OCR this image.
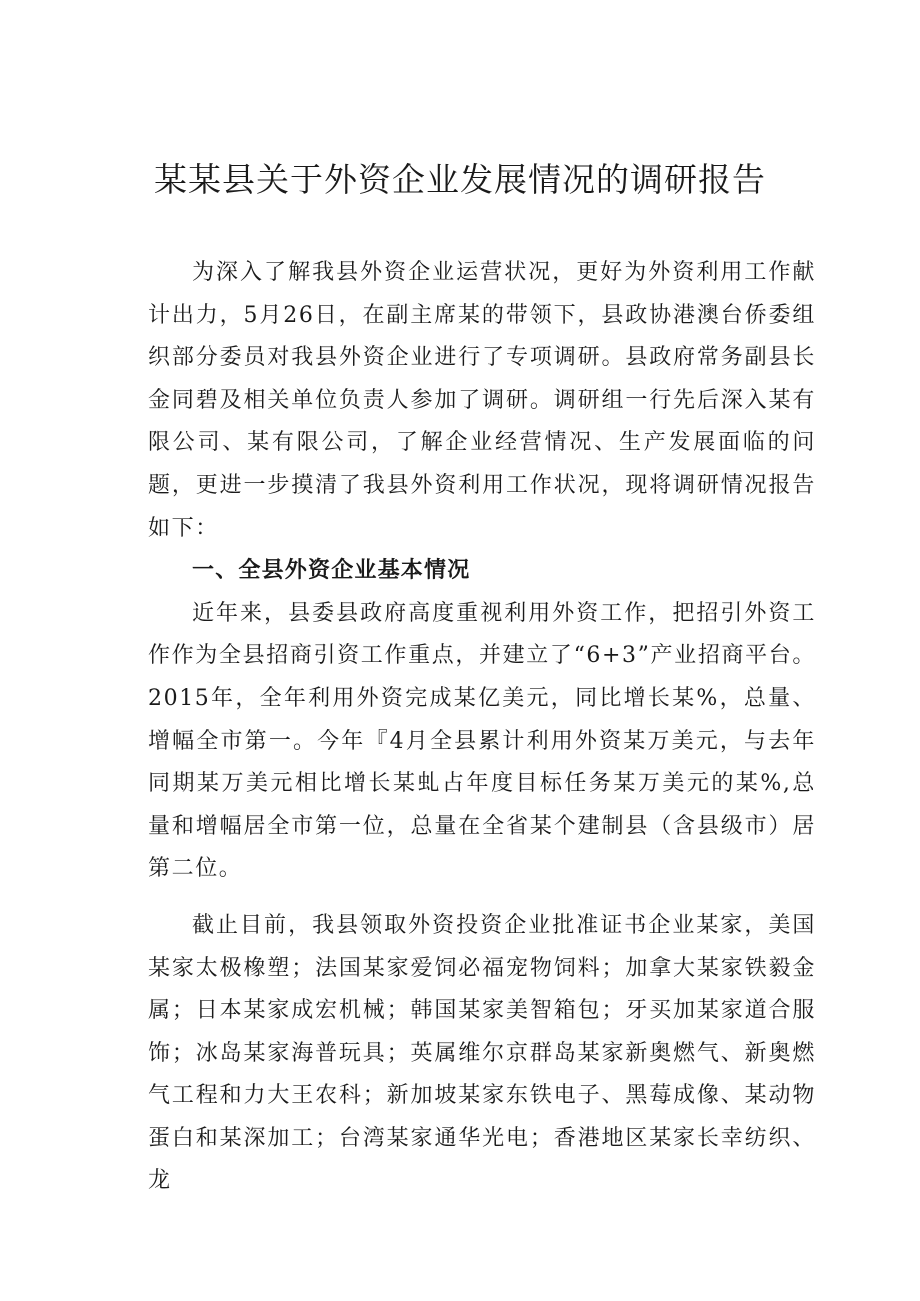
某某县关于外资企业发展情况的调研报告

为深入了解我县外资企业运营状况，更好为外资利用工作献计出力，5月26日，在副主席某的带领下，县政协港澳台侨委组织部分委员对我县外资企业进行了专项调研。县政府常务副县长金同碧及相关单位负责人参加了调研。调研组一行先后深入某有限公司、某有限公司，了解企业经营情况、生产发展面临的问题，更进一步摸清了我县外资利用工作状况，现将调研情况报告如下：

一、全县外资企业基本情况

近年来，县委县政府高度重视利用外资工作，把招引外资工作作为全县招商引资工作重点，并建立了“6+3”产业招商平台。2015年，全年利用外资完成某亿美元，同比增长某%，总量、增幅全市第一。今年『4月全县累计利用外资某万美元，与去年同期某万美元相比增长某虬占年度目标任务某万美元的某%,总量和增幅居全市第一位，总量在全省某个建制县（含县级市）居第二位。

截止目前，我县领取外资投资企业批准证书企业某家，美国某家太极橡塑；法国某家爱饲必福宠物饲料；加拿大某家铁毅金属；日本某家成宏机械；韩国某家美智箱包；牙买加某家道合服饰；冰岛某家海普玩具；英属维尔京群岛某家新奥燃气、新奥燃气工程和力大王农科；新加坡某家东铁电子、黑莓成像、某动物蛋白和某深加工；台湾某家通华光电；香港地区某家长幸纺织、龙
